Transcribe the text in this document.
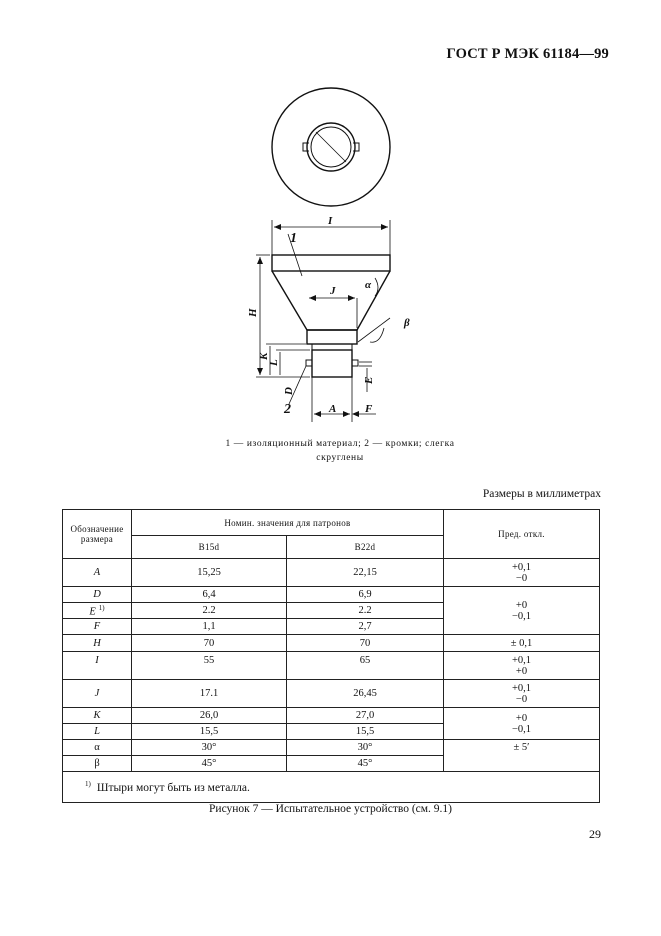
ГОСТ Р МЭК 61184—99
I
J
H
K
L
D
A	F
E
α
β
1
2
1 — изоляционный материал; 2 — кромки; слегка
скруглены
Размеры в миллиметрах
Обозначение размера	Номин. значения для патронов		Пред. откл.
	B15d	B22d	
A	15,25	22,15	+0,1
−0

D	6,4	6,9	+0
−0,1

E $^{1)}$	2.2	2.2	
F	1,1	2,7	
H	70	70	± 0,1
I	55	65	+0,1
+0

J	17.1	26,45	+0,1
−0

K	26,0	27,0	+0
−0,1

L	15,5	15,5	
α	30°	30°	± 5′
β	45°	45°	
$^{1)}$ Штыри могут быть из металла.			
Рисунок 7 — Испытательное устройство (см. 9.1)
29
